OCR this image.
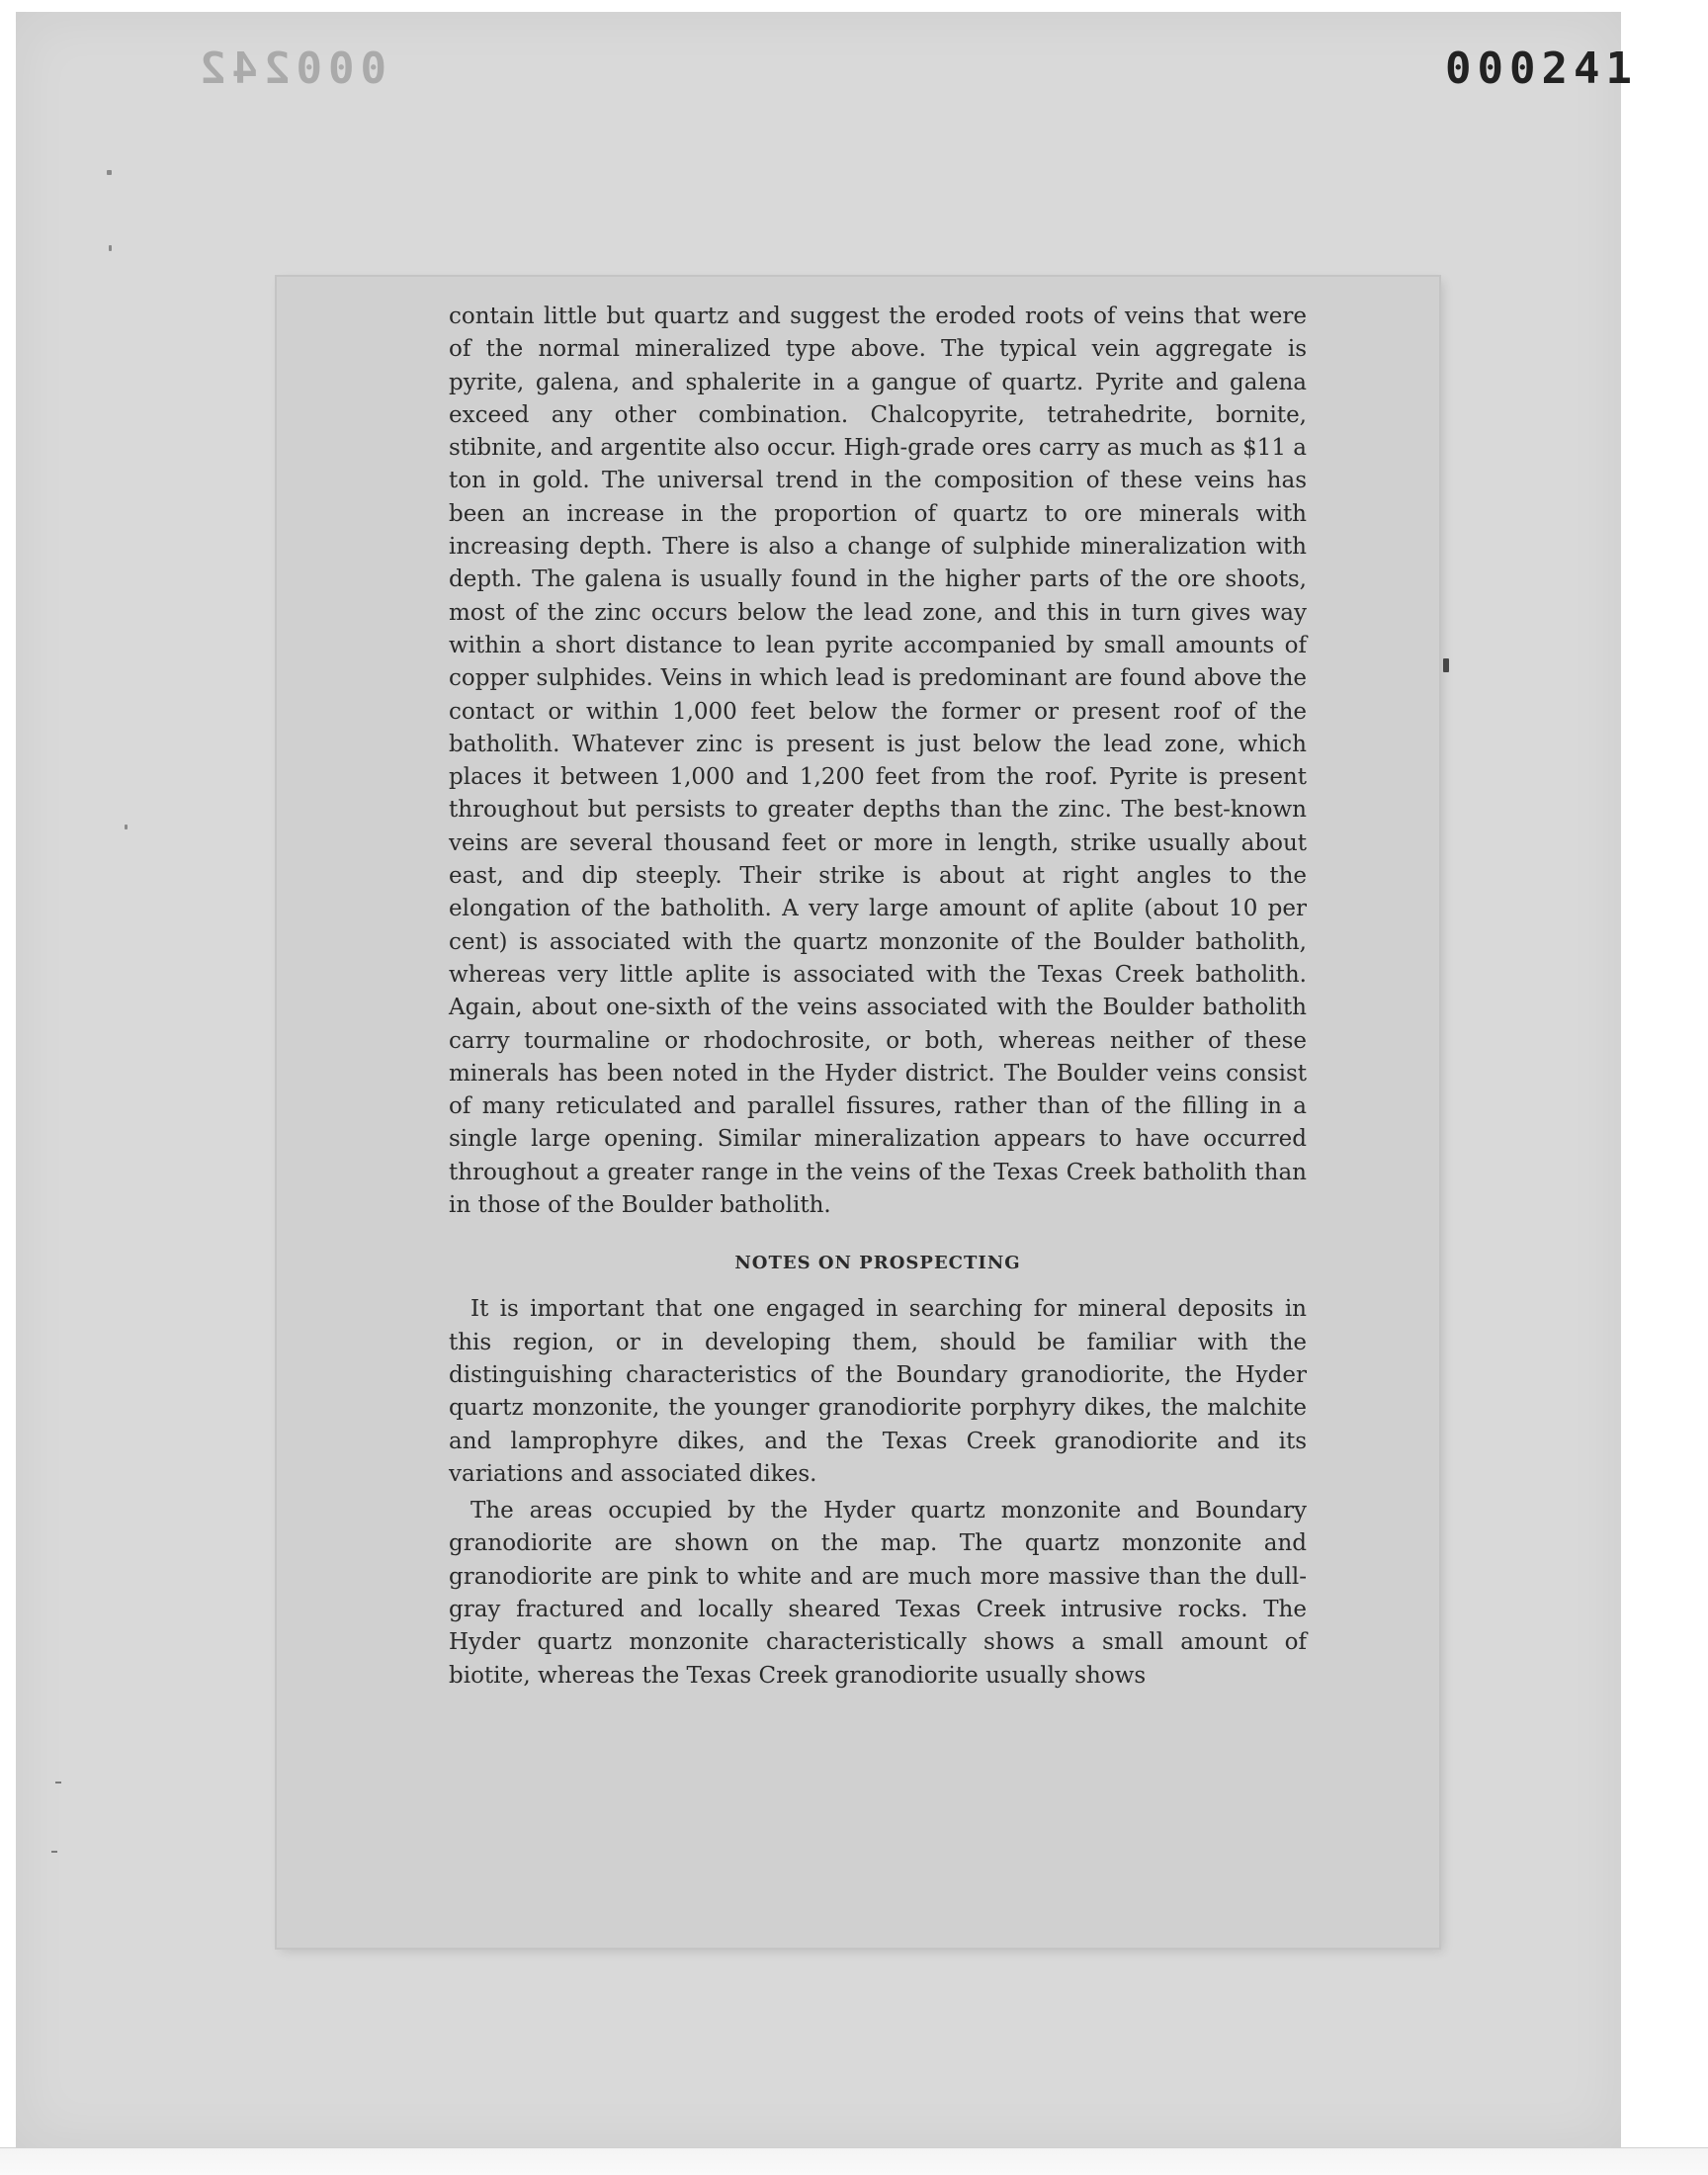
000242	000241

contain little but quartz and suggest the eroded roots of veins that were of the normal mineralized type above. The typical vein aggregate is pyrite, galena, and sphalerite in a gangue of quartz. Pyrite and galena exceed any other combination. Chalcopyrite, tetrahedrite, bornite, stibnite, and argentite also occur. High-grade ores carry as much as $11 a ton in gold. The universal trend in the composition of these veins has been an increase in the proportion of quartz to ore minerals with increasing depth. There is also a change of sulphide mineralization with depth. The galena is usually found in the higher parts of the ore shoots, most of the zinc occurs below the lead zone, and this in turn gives way within a short distance to lean pyrite accompanied by small amounts of copper sulphides. Veins in which lead is predominant are found above the contact or within 1,000 feet below the former or present roof of the batholith. Whatever zinc is present is just below the lead zone, which places it between 1,000 and 1,200 feet from the roof. Pyrite is present throughout but persists to greater depths than the zinc. The best-known veins are several thousand feet or more in length, strike usually about east, and dip steeply. Their strike is about at right angles to the elongation of the batholith. A very large amount of aplite (about 10 per cent) is associated with the quartz monzonite of the Boulder batholith, whereas very little aplite is associated with the Texas Creek batholith. Again, about one-sixth of the veins associated with the Boulder batholith carry tourmaline or rhodochrosite, or both, whereas neither of these minerals has been noted in the Hyder district. The Boulder veins consist of many reticulated and parallel fissures, rather than of the filling in a single large opening. Similar mineralization appears to have occurred throughout a greater range in the veins of the Texas Creek batholith than in those of the Boulder batholith.

NOTES ON PROSPECTING

It is important that one engaged in searching for mineral deposits in this region, or in developing them, should be familiar with the distinguishing characteristics of the Boundary granodiorite, the Hyder quartz monzonite, the younger granodiorite porphyry dikes, the malchite and lamprophyre dikes, and the Texas Creek granodiorite and its variations and associated dikes.

The areas occupied by the Hyder quartz monzonite and Boundary granodiorite are shown on the map. The quartz monzonite and granodiorite are pink to white and are much more massive than the dull-gray fractured and locally sheared Texas Creek intrusive rocks. The Hyder quartz monzonite characteristically shows a small amount of biotite, whereas the Texas Creek granodiorite usually shows
